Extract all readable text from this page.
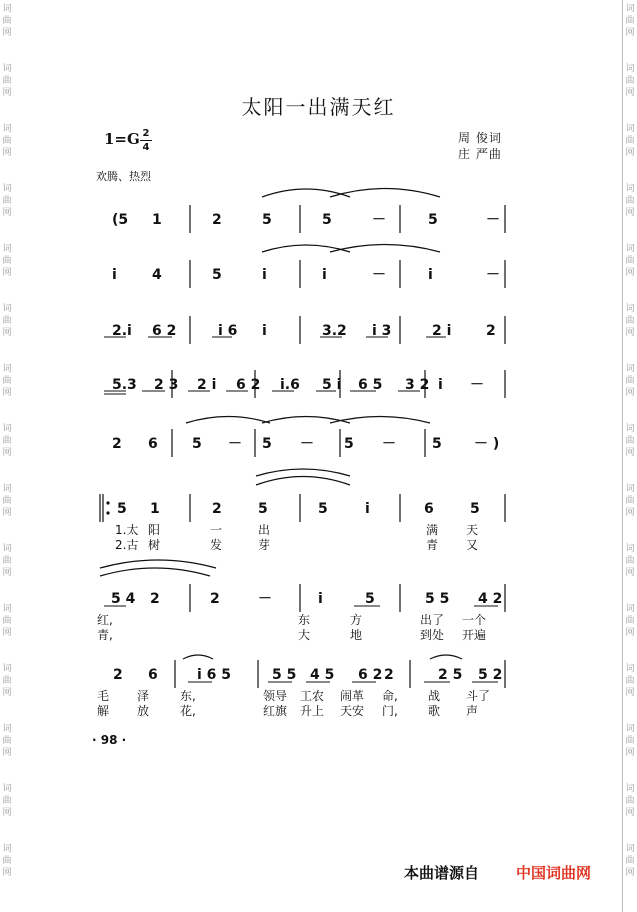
词
曲
网
词
曲
网
词
曲
网
词
曲
网
词
曲
网
词
曲
网
词
曲
网
词
曲
网
词
曲
网
词
曲
网
词
曲
网
词
曲
网
词
曲
网
词
曲
网
词
曲
网
词
曲
网
词
曲
网
词
曲
网
词
曲
网
词
曲
网
词
曲
网
词
曲
网
词
曲
网
词
曲
网
词
曲
网
词
曲
网
词
曲
网
词
曲
网
词
曲
网
词
曲
网
太阳一出满天红
1=G 2
4
周 俊词
庄 严曲
欢腾、热烈
(5 1	2	5	5	－	5	－
i	4	5	i	i	－	i	－
2.i 6 2	i 6 i	3.2 i 3	2 i 2
5.3 2 3 2 i 6 2 i.6 5 i 6 5 3 2 i －
2 6 5 － 5 － 5 －	5 － )
5 1	2	5	5	i	6	5
5 4 2	2	－	i	5	5 5 4 2
2 6	i 6 5	5 5 4 5 6 2 2	2 5 5 2
1.太 阳	一	出	满 天
2.古 树	发	芽	青 又
红,	东	方	出了 一个
青,	大	地	到处 开遍
毛 泽	东,	领导 工农 闹革 命,	战 斗了
解 放	花,	红旗 升上 天安 门,	歌 声
· 98 ·
本曲谱源自 中国词曲网
